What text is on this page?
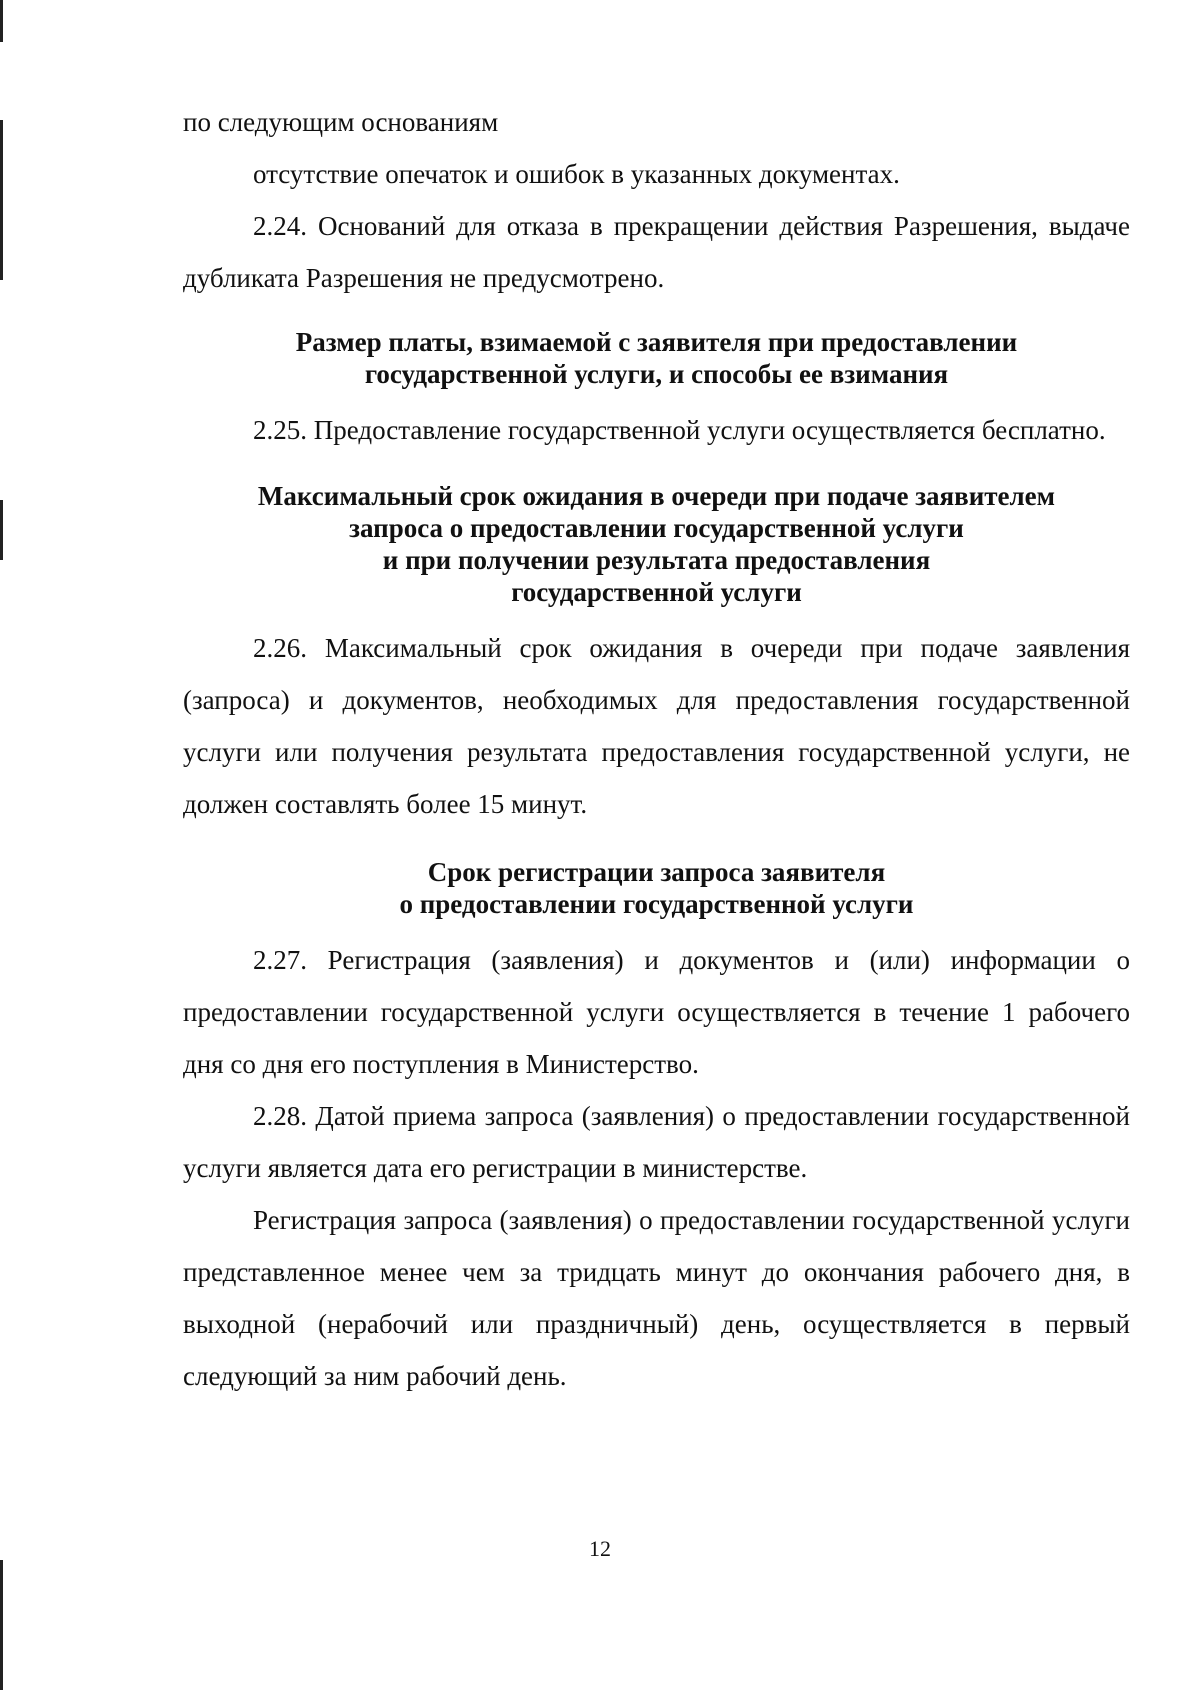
по следующим основаниям

отсутствие опечаток и ошибок в указанных документах.

2.24. Оснований для отказа в прекращении действия Разрешения, выдаче дубликата Разрешения не предусмотрено.

Размер платы, взимаемой с заявителя при предоставлении
государственной услуги, и способы ее взимания

2.25. Предоставление государственной услуги осуществляется бесплатно.

Максимальный срок ожидания в очереди при подаче заявителем
запроса о предоставлении государственной услуги
и при получении результата предоставления
государственной услуги

2.26. Максимальный срок ожидания в очереди при подаче заявления (запроса) и документов, необходимых для предоставления государственной услуги или получения результата предоставления государственной услуги, не должен составлять более 15 минут.

Срок регистрации запроса заявителя
о предоставлении государственной услуги

2.27. Регистрация (заявления) и документов и (или) информации о предоставлении государственной услуги осуществляется в течение 1 рабочего дня со дня его поступления в Министерство.

2.28. Датой приема запроса (заявления) о предоставлении государственной услуги является дата его регистрации в министерстве.

Регистрация запроса (заявления) о предоставлении государственной услуги представленное менее чем за тридцать минут до окончания рабочего дня, в выходной (нерабочий или праздничный) день, осуществляется в первый следующий за ним рабочий день.

12
